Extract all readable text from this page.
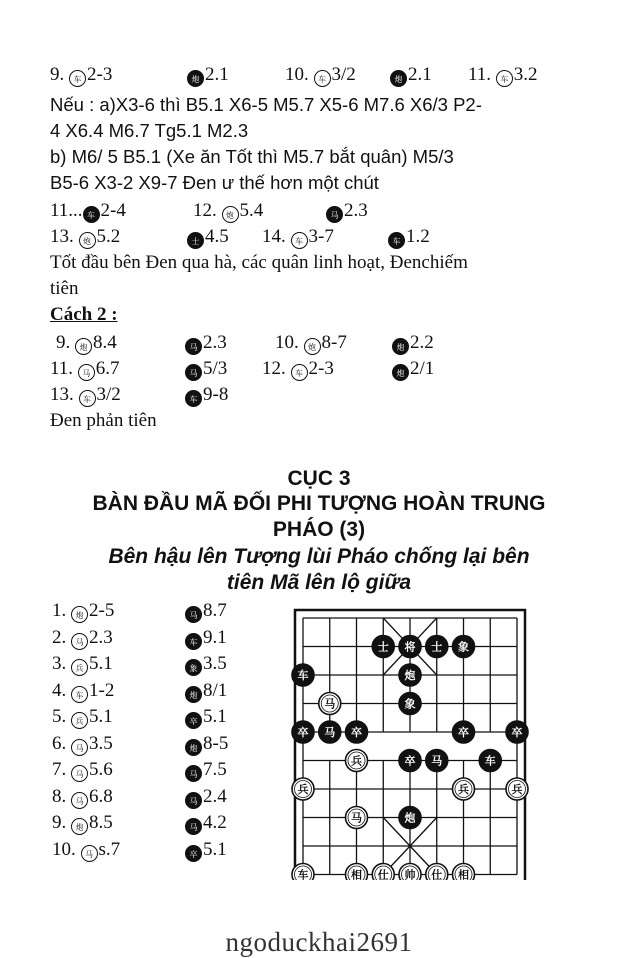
9. 车 2-3	炮 2.1	10. 车 3/2	炮 2.1 11. 车 3.2
Nếu : a)X3-6 thì B5.1 X6-5 M5.7 X5-6 M7.6 X6/3 P2-
4 X6.4 M6.7 Tg5.1 M2.3
b) M6/ 5 B5.1 (Xe ăn Tốt thì M5.7 bắt quân) M5/3
B5-6 X3-2 X9-7 Đen ư thế hơn một chút
11... 车 2-4	12. 炮 5.4	马 2.3
13. 炮 5.2	士 4.5 14. 车 3-7	车 1.2
Tốt đầu bên Đen qua hà, các quân linh hoạt, Đenchiếm
tiên
Cách 2 :
9. 炮 8.4	马 2.3	10. 炮 8-7	炮 2.2
11. 马 6.7	马 5/3 12. 车 2-3	炮 2/1
13. 车 3/2	车 9-8
Đen phản tiên
CỤC 3
BÀN ĐẦU MÃ ĐỐI PHI TƯỢNG HOÀN TRUNG
PHÁO (3)
Bên hậu lên Tượng lùi Pháo chống lại bên
tiên Mã lên lộ giữa
1. 炮 2-5	马 8.7
2. 马 2.3	车 9.1
3. 兵 5.1	象 3.5
4. 车 1-2	炮 8/1
5. 兵 5.1	卒 5.1
6. 马 3.5	炮 8-5
7. 马 5.6	马 7.5
8. 马 6.8	马 2.4
9. 炮 8.5	马 4.2
10. 马 s.7	卒 5.1
士 将 士 象
车	炮
马	象
卒 马 卒	卒	卒
兵	卒 马	车
兵	兵	兵
马	炮
车	相 仕 帅 仕 相
ngoduckhai2691
